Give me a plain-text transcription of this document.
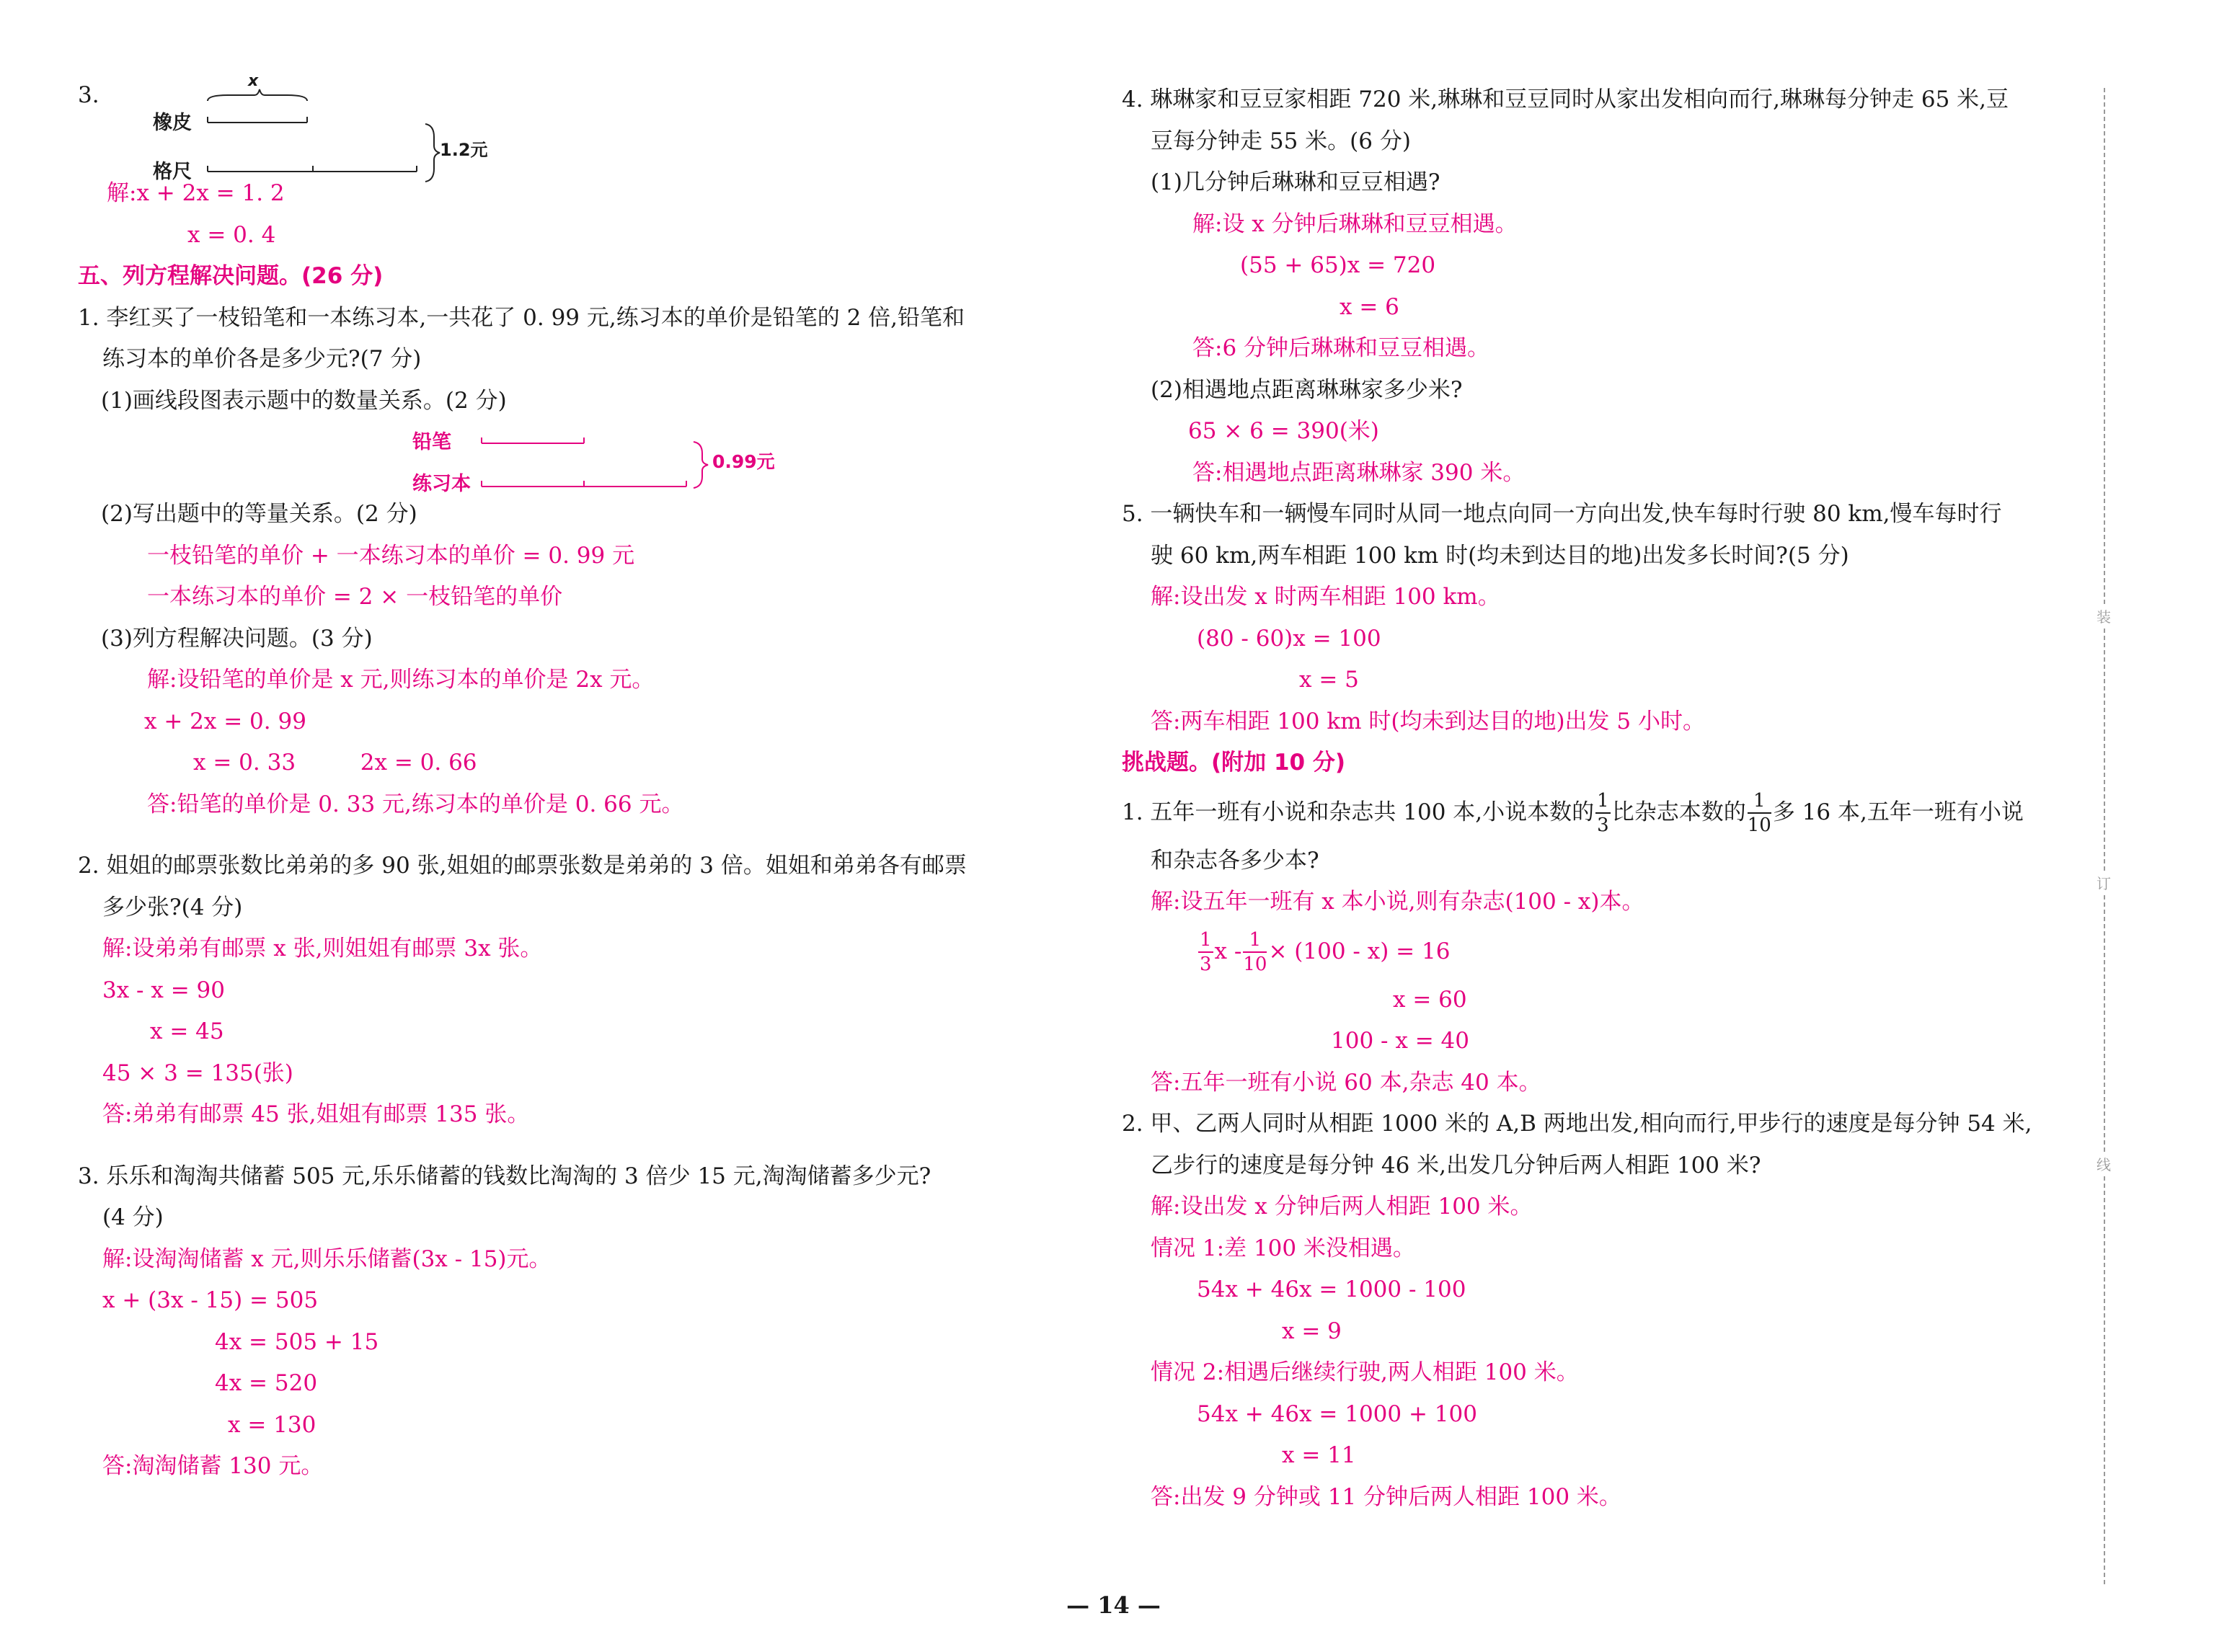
3.
x
橡皮
格尺
1.2元
解:x + 2x = 1. 2
x = 0. 4
五、列方程解决问题。(26 分)
1. 李红买了一枝铅笔和一本练习本,一共花了 0. 99 元,练习本的单价是铅笔的 2 倍,铅笔和
练习本的单价各是多少元?(7 分)
(1)画线段图表示题中的数量关系。(2 分)
铅笔
练习本
0.99元
(2)写出题中的等量关系。(2 分)
一枝铅笔的单价 + 一本练习本的单价 = 0. 99 元
一本练习本的单价 = 2 × 一枝铅笔的单价
(3)列方程解决问题。(3 分)
解:设铅笔的单价是 x 元,则练习本的单价是 2x 元。
x + 2x = 0. 99
x = 0. 33	2x = 0. 66
答:铅笔的单价是 0. 33 元,练习本的单价是 0. 66 元。
2. 姐姐的邮票张数比弟弟的多 90 张,姐姐的邮票张数是弟弟的 3 倍。姐姐和弟弟各有邮票
多少张?(4 分)
解:设弟弟有邮票 x 张,则姐姐有邮票 3x 张。
3x - x = 90
x = 45
45 × 3 = 135(张)
答:弟弟有邮票 45 张,姐姐有邮票 135 张。
3. 乐乐和淘淘共储蓄 505 元,乐乐储蓄的钱数比淘淘的 3 倍少 15 元,淘淘储蓄多少元?
(4 分)
解:设淘淘储蓄 x 元,则乐乐储蓄(3x - 15)元。
x + (3x - 15) = 505
4x = 505 + 15
4x = 520
x = 130
答:淘淘储蓄 130 元。
4. 琳琳家和豆豆家相距 720 米,琳琳和豆豆同时从家出发相向而行,琳琳每分钟走 65 米,豆
豆每分钟走 55 米。(6 分)
(1)几分钟后琳琳和豆豆相遇?
解:设 x 分钟后琳琳和豆豆相遇。
(55 + 65)x = 720
x = 6
答:6 分钟后琳琳和豆豆相遇。
(2)相遇地点距离琳琳家多少米?
65 × 6 = 390(米)
答:相遇地点距离琳琳家 390 米。
5. 一辆快车和一辆慢车同时从同一地点向同一方向出发,快车每时行驶 80 km,慢车每时行
驶 60 km,两车相距 100 km 时(均未到达目的地)出发多长时间?(5 分)
解:设出发 x 时两车相距 100 km。
(80 - 60)x = 100
x = 5
答:两车相距 100 km 时(均未到达目的地)出发 5 小时。
挑战题。(附加 10 分)
1. 五年一班有小说和杂志共 100 本,小说本数的 $\frac{1}{3}$ 比杂志本数的 $\frac{1}{10}$ 多 16 本,五年一班有小说
和杂志各多少本?
解:设五年一班有 x 本小说,则有杂志(100 - x)本。
$\frac{1}{3}$ $x - \frac{1}{10} \times (100 - x) = 16$
x = 60
100 - x = 40
答:五年一班有小说 60 本,杂志 40 本。
2. 甲、乙两人同时从相距 1000 米的 A,B 两地出发,相向而行,甲步行的速度是每分钟 54 米,
乙步行的速度是每分钟 46 米,出发几分钟后两人相距 100 米?
解:设出发 x 分钟后两人相距 100 米。
情况 1:差 100 米没相遇。
54x + 46x = 1000 - 100
x = 9
情况 2:相遇后继续行驶,两人相距 100 米。
54x + 46x = 1000 + 100
x = 11
答:出发 9 分钟或 11 分钟后两人相距 100 米。
装
订
线
— 14 —
